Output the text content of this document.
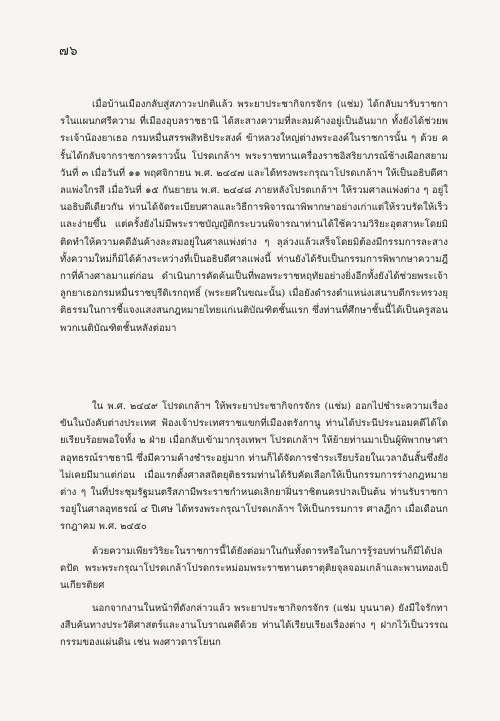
๗๖

เมื่อบ้านเมืองกลับสู่สภาวะปกติแล้ว พระยาประชากิจกรจักร (แช่ม) ได้กลับมารับราชการในแผนกศรีความ ที่เมืองอุบลราชธานี ได้สะสางความที่ละลมค้างอยู่เป็นอันมาก ทั้งยังได้ช่วยพระเจ้าน้องยาเธอ กรมหมื่นสรรพสิทธิประสงค์ ข้าหลวงใหญ่ต่างพระองค์ในราชการนั้น ๆ ด้วย ครั้นได้กลับจากราชการคราวนั้น โปรดเกล้าฯ พระราชทานเครื่องราชอิสริยาภรณ์ช้างเผือกสยาม วันที่ ๓ เมื่อวันที่ ๑๑ พฤศจิกายน พ.ศ. ๒๔๔๗ และได้ทรงพระกรุณาโปรดเกล้าฯ ให้เป็นอธิบดีศาลแพ่งใกรสี เมื่อวันที่ ๑๕ กันยายน พ.ศ. ๒๔๔๘ ภายหลังโปรดเกล้าฯ ให้รวมศาลแพ่งต่าง ๆ อยู่ในอธิบดีเดียวกัน ท่านได้จัดระเบียบศาลและวิธีการพิจารณาพิพากษาอย่างเก่าแต่ให้รวบรัดให้เร็วและง่ายขึ้น แต่ครั้งยังไม่มีพระราชบัญญัติกระบวนพิจารณาท่านได้ใช้ความวิริยะอุตสาหะโดยมิติดทำให้ความคดีอันค้างละสมอยู่ในศาลแพ่งต่าง ๆ ลุล่วงแล้วเสร็จโดยมิต้องมีกรรมการละสาง ทั้งความใหม่ก็มิได้ค้างระหว่างที่เป็นอธิบดีศาลแพ่งนี้ ท่านยังได้รับเป็นกรรมการพิพากษาความฎีกาที่ค้างศาลมาแต่ก่อน ดำเนินการคัดค้นเป็นที่พอพระราชหฤทัยอย่างยิ่งอีกทั้งยังได้ช่วยพระเจ้าลูกยาเธอกรมหมื่นราชบุรีดิเรกฤทธิ์ (พระยศในขณะนั้น) เมื่อยังดำรงตำแหน่งเสนาบดีกระทรวงยุติธรรมในการชี้แจงแสงสนกฎหมายไทยแก่เนติบัณฑิตชั้นแรก ซึ่งท่านที่ศึกษาชั้นนี้ได้เป็นครูสอนพวกเนติบัณฑิตชั้นหลังต่อมา

ใน พ.ศ. ๒๔๔๙ โปรดเกล้าฯ ให้พระยาประชากิจกรจักร (แช่ม) ออกไปชำระความเรื่องขันในบังคับต่างประเทศ ฟ้องเจ้าประเทศราชแขกที่เมืองตรังกานู ท่านได้ประนีประนอมคดีได้โดยเรียบร้อยพอใจทั้ง ๒ ฝ่าย เมื่อกลับเข้ามากรุงเทพฯ โปรดเกล้าฯ ให้ย้ายท่านมาเป็นผู้พิพากษาศาลอุทธรณ์ราชธานี ซึ่งมีความค้างชำระอยู่มาก ท่านก็ได้จัดการชำระเรียบร้อยในเวลาอันสั้นซึ่งยังไม่เคยมีมาแต่ก่อน เมื่อแรกตั้งศาลสถิตยุติธรรมท่านได้รับคัดเลือกให้เป็นกรรมการร่างกฎหมายต่าง ๆ ในที่ประชุมรัฐมนตรีสภามีพระราชกำหนดเลิกยาฝิ่นราชิตนครปาลเป็นต้น ท่านรับราชการอยู่ในศาลอุทธรณ์ ๔ ปีเศษ ได้ทรงพระกรุณาโปรดเกล้าฯ ให้เป็นกรรมการ ศาลฎีกา เมื่อเดือนกรกฎาคม พ.ศ. ๒๔๕๐

ด้วยความเพียรวิริยะในราชการนี้ได้ยังต่อมาในกันทั้งดารหรือในการรู้รอบท่านก็มีได้ปลดปัด พระพระกรุณาโปรดเกล้าโปรดกระหม่อมพระราชทานตราตุติยจุลจอมเกล้าและพานทองเป็นเกียรติยศ

นอกจากงานในหน้าที่ดังกล่าวแล้ว พระยาประชากิจกรจักร (แช่ม บุนนาค) ยังมีใจรักทางสืบค้นทางประวัติศาสตร์และงานโบราณคดีด้วย ท่านได้เรียบเรียงเรื่องต่าง ๆ ฝากไว้เป็นวรรณกรรมของแผ่นดิน เช่น พงศาวดารโยนก
